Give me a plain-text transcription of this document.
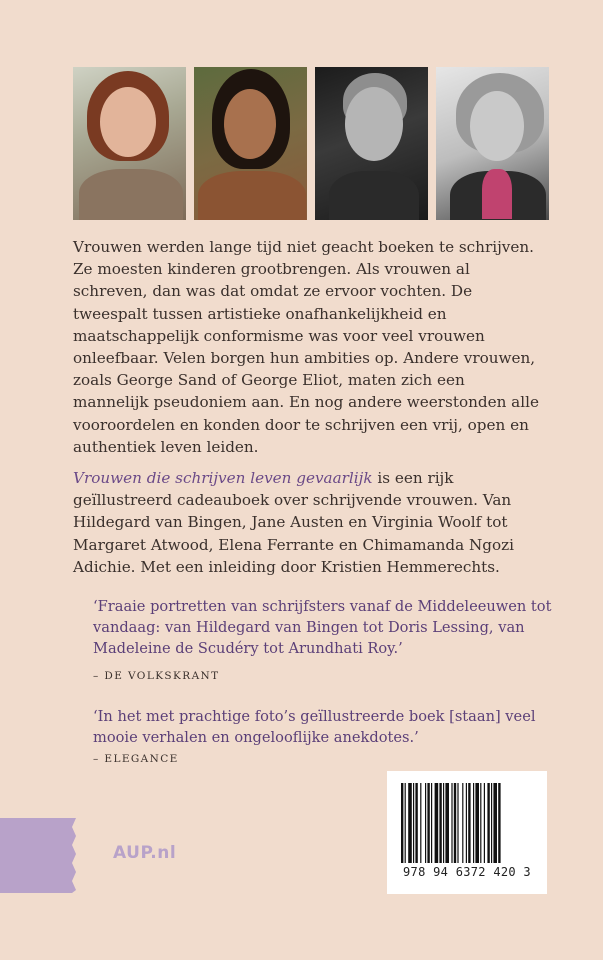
Vrouwen werden lange tijd niet geacht boeken te schrijven. Ze moesten kinderen grootbrengen. Als vrouwen al schreven, dan was dat omdat ze ervoor vochten. De tweespalt tussen artistieke onafhankelijkheid en maatschappelijk conformisme was voor veel vrouwen onleefbaar. Velen borgen hun ambities op. Andere vrouwen, zoals George Sand of George Eliot, maten zich een mannelijk pseudoniem aan. En nog andere weerstonden alle vooroordelen en konden door te schrijven een vrij, open en authentiek leven leiden.

Vrouwen die schrijven leven gevaarlijk is een rijk geïllustreerd cadeauboek over schrijvende vrouwen. Van Hildegard van Bingen, Jane Austen en Virginia Woolf tot Margaret Atwood, Elena Ferrante en Chimamanda Ngozi Adichie. Met een inleiding door Kristien Hemmerechts.

‘Fraaie portretten van schrijfsters vanaf de Middeleeuwen tot vandaag: van Hildegard van Bingen tot Doris Lessing, van Madeleine de Scudéry tot Arundhati Roy.’

– DE VOLKSKRANT

‘In het met prachtige foto’s geïllustreerde boek [staan] veel mooie verhalen en ongelooflijke anekdotes.’

– ELEGANCE
AUP.nl
978 94 6372 420 3
